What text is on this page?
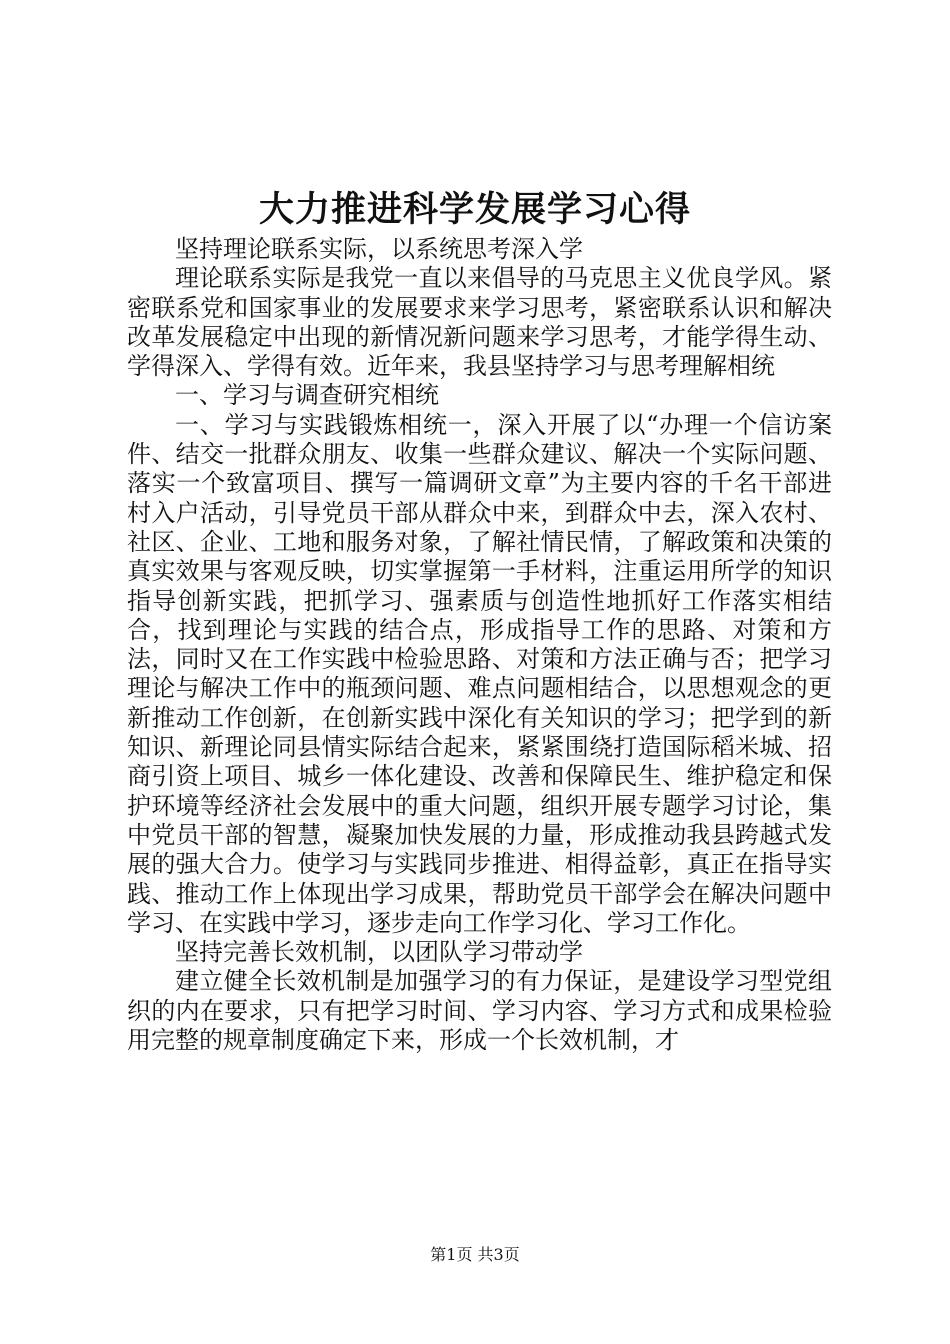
大力推进科学发展学习心得

坚持理论联系实际，以系统思考深入学

理论联系实际是我党一直以来倡导的马克思主义优良学风。紧密联系党和国家事业的发展要求来学习思考，紧密联系认识和解决改革发展稳定中出现的新情况新问题来学习思考，才能学得生动、学得深入、学得有效。近年来，我县坚持学习与思考理解相统

一、学习与调查研究相统

一、学习与实践锻炼相统一，深入开展了以“办理一个信访案件、结交一批群众朋友、收集一些群众建议、解决一个实际问题、落实一个致富项目、撰写一篇调研文章”为主要内容的千名干部进村入户活动，引导党员干部从群众中来，到群众中去，深入农村、社区、企业、工地和服务对象，了解社情民情，了解政策和决策的真实效果与客观反映，切实掌握第一手材料，注重运用所学的知识指导创新实践，把抓学习、强素质与创造性地抓好工作落实相结合，找到理论与实践的结合点，形成指导工作的思路、对策和方法，同时又在工作实践中检验思路、对策和方法正确与否；把学习理论与解决工作中的瓶颈问题、难点问题相结合，以思想观念的更新推动工作创新，在创新实践中深化有关知识的学习；把学到的新知识、新理论同县情实际结合起来，紧紧围绕打造国际稻米城、招商引资上项目、城乡一体化建设、改善和保障民生、维护稳定和保护环境等经济社会发展中的重大问题，组织开展专题学习讨论，集中党员干部的智慧，凝聚加快发展的力量，形成推动我县跨越式发展的强大合力。使学习与实践同步推进、相得益彰，真正在指导实践、推动工作上体现出学习成果，帮助党员干部学会在解决问题中学习、在实践中学习，逐步走向工作学习化、学习工作化。

坚持完善长效机制，以团队学习带动学

建立健全长效机制是加强学习的有力保证，是建设学习型党组织的内在要求，只有把学习时间、学习内容、学习方式和成果检验用完整的规章制度确定下来，形成一个长效机制，才

第1页 共3页
